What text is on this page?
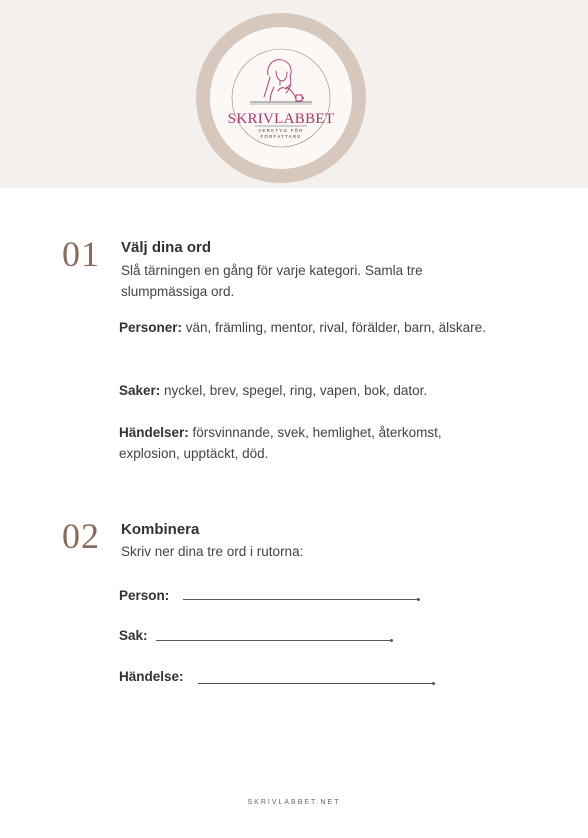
SKRIVLABBET
VERKTYG FÖR
FÖRFATTARE
01 Välj dina ord
Slå tärningen en gång för varje kategori. Samla tre slumpmässiga ord.
Personer: vän, främling, mentor, rival, förälder, barn, älskare.
Saker: nyckel, brev, spegel, ring, vapen, bok, dator.
Händelser: försvinnande, svek, hemlighet, återkomst, explosion, upptäckt, död.
02 Kombinera
Skriv ner dina tre ord i rutorna:
Person:
Sak:
Händelse:
SKRIVLABBET.NET
